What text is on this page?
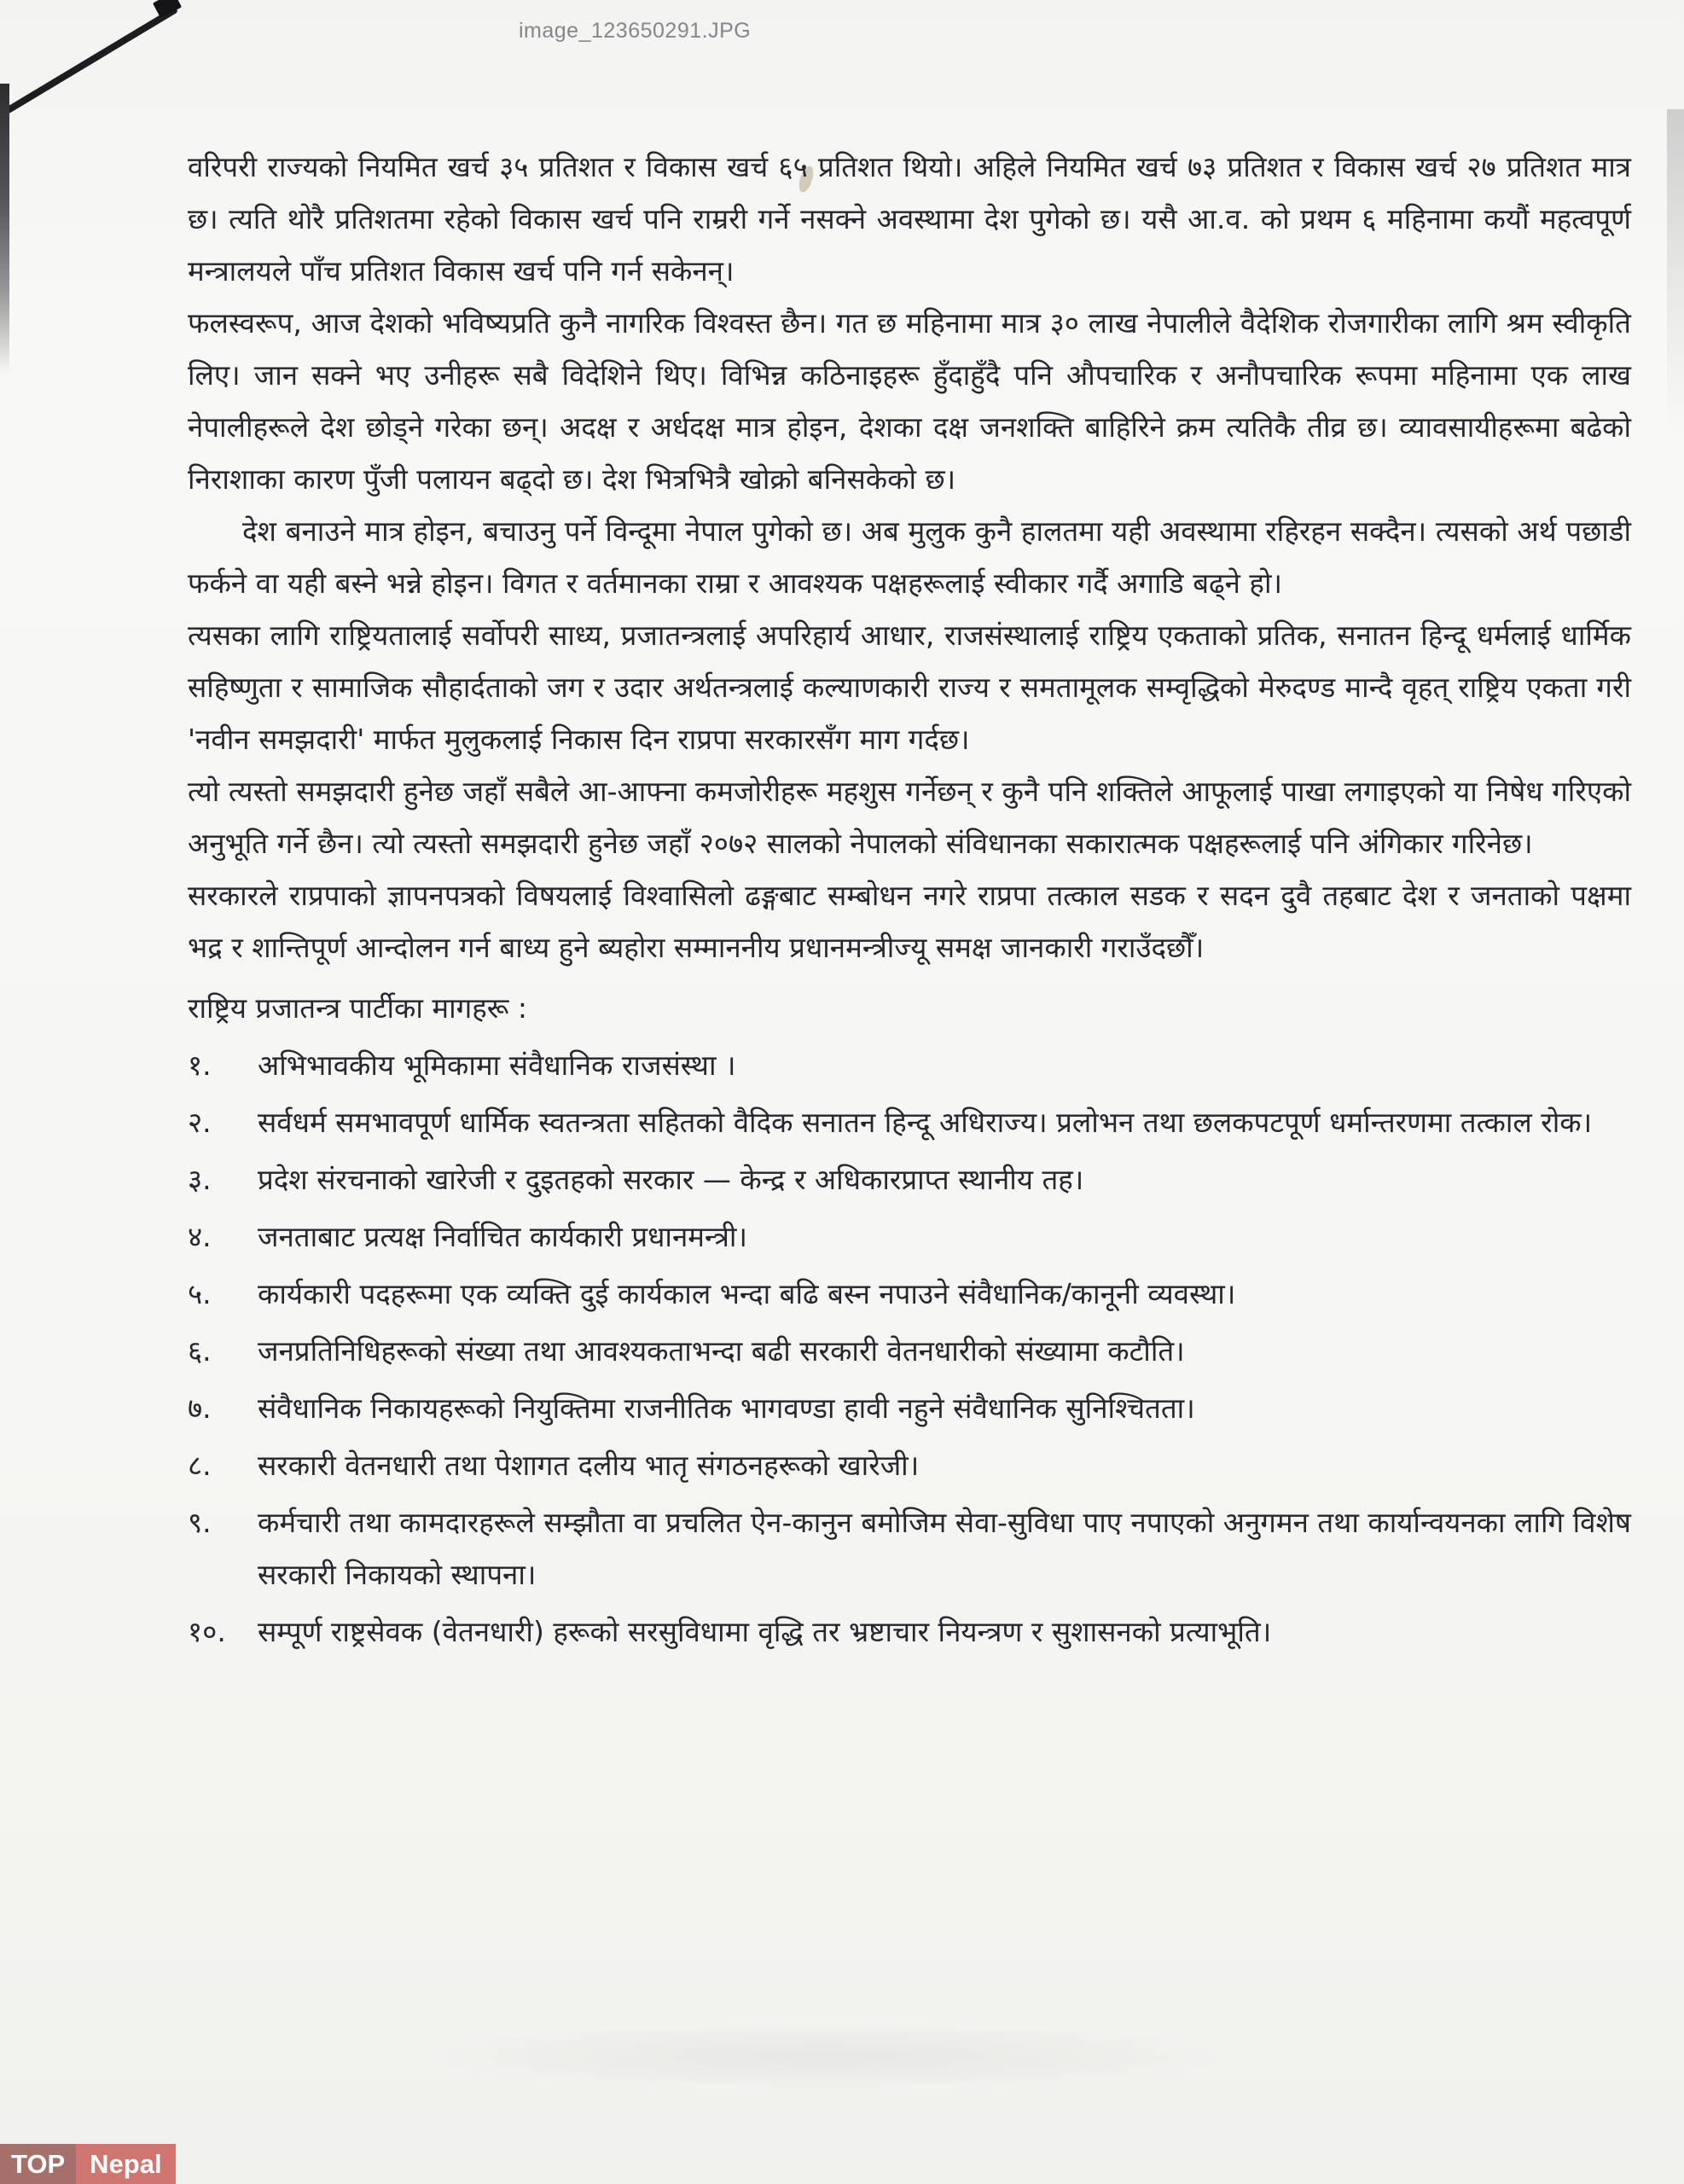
image_123650291.JPG

वरिपरी राज्यको नियमित खर्च ३५ प्रतिशत र विकास खर्च ६५ प्रतिशत थियो। अहिले नियमित खर्च ७३ प्रतिशत र विकास खर्च २७ प्रतिशत मात्र छ। त्यति थोरै प्रतिशतमा रहेको विकास खर्च पनि राम्ररी गर्ने नसक्ने अवस्थामा देश पुगेको छ। यसै आ.व. को प्रथम ६ महिनामा कयौं महत्वपूर्ण मन्त्रालयले पाँच प्रतिशत विकास खर्च पनि गर्न सकेनन्।

फलस्वरूप, आज देशको भविष्यप्रति कुनै नागरिक विश्वस्त छैन। गत छ महिनामा मात्र ३० लाख नेपालीले वैदेशिक रोजगारीका लागि श्रम स्वीकृति लिए। जान सक्ने भए उनीहरू सबै विदेशिने थिए। विभिन्न कठिनाइहरू हुँदाहुँदै पनि औपचारिक र अनौपचारिक रूपमा महिनामा एक लाख नेपालीहरूले देश छोड्ने गरेका छन्। अदक्ष र अर्धदक्ष मात्र होइन, देशका दक्ष जनशक्ति बाहिरिने क्रम त्यतिकै तीव्र छ। व्यावसायीहरूमा बढेको निराशाका कारण पुँजी पलायन बढ्दो छ। देश भित्रभित्रै खोक्रो बनिसकेको छ।

देश बनाउने मात्र होइन, बचाउनु पर्ने विन्दूमा नेपाल पुगेको छ। अब मुलुक कुनै हालतमा यही अवस्थामा रहिरहन सक्दैन। त्यसको अर्थ पछाडी फर्कने वा यही बस्ने भन्ने होइन। विगत र वर्तमानका राम्रा र आवश्यक पक्षहरूलाई स्वीकार गर्दै अगाडि बढ्ने हो।

त्यसका लागि राष्ट्रियतालाई सर्वोपरी साध्य, प्रजातन्त्रलाई अपरिहार्य आधार, राजसंस्थालाई राष्ट्रिय एकताको प्रतिक, सनातन हिन्दू धर्मलाई धार्मिक सहिष्णुता र सामाजिक सौहार्दताको जग र उदार अर्थतन्त्रलाई कल्याणकारी राज्य र समतामूलक सम्वृद्धिको मेरुदण्ड मान्दै वृहत् राष्ट्रिय एकता गरी 'नवीन समझदारी' मार्फत मुलुकलाई निकास दिन राप्रपा सरकारसँग माग गर्दछ।

त्यो त्यस्तो समझदारी हुनेछ जहाँ सबैले आ-आफ्ना कमजोरीहरू महशुस गर्नेछन् र कुनै पनि शक्तिले आफूलाई पाखा लगाइएको या निषेध गरिएको अनुभूति गर्ने छैन। त्यो त्यस्तो समझदारी हुनेछ जहाँ २०७२ सालको नेपालको संविधानका सकारात्मक पक्षहरूलाई पनि अंगिकार गरिनेछ।

सरकारले राप्रपाको ज्ञापनपत्रको विषयलाई विश्वासिलो ढङ्गबाट सम्बोधन नगरे राप्रपा तत्काल सडक र सदन दुवै तहबाट देश र जनताको पक्षमा भद्र र शान्तिपूर्ण आन्दोलन गर्न बाध्य हुने ब्यहोरा सम्माननीय प्रधानमन्त्रीज्यू समक्ष जानकारी गराउँदछौँ।

राष्ट्रिय प्रजातन्त्र पार्टीका मागहरू :

१.	अभिभावकीय भूमिकामा संवैधानिक राजसंस्था ।
२.	सर्वधर्म समभावपूर्ण धार्मिक स्वतन्त्रता सहितको वैदिक सनातन हिन्दू अधिराज्य। प्रलोभन तथा छलकपटपूर्ण धर्मान्तरणमा तत्काल रोक।
३.	प्रदेश संरचनाको खारेजी र दुइतहको सरकार — केन्द्र र अधिकारप्राप्त स्थानीय तह।
४.	जनताबाट प्रत्यक्ष निर्वाचित कार्यकारी प्रधानमन्त्री।
५.	कार्यकारी पदहरूमा एक व्यक्ति दुई कार्यकाल भन्दा बढि बस्न नपाउने संवैधानिक/कानूनी व्यवस्था।
६.	जनप्रतिनिधिहरूको संख्या तथा आवश्यकताभन्दा बढी सरकारी वेतनधारीको संख्यामा कटौति।
७.	संवैधानिक निकायहरूको नियुक्तिमा राजनीतिक भागवण्डा हावी नहुने संवैधानिक सुनिश्चितता।
८.	सरकारी वेतनधारी तथा पेशागत दलीय भातृ संगठनहरूको खारेजी।
९.	कर्मचारी तथा कामदारहरूले सम्झौता वा प्रचलित ऐन-कानुन बमोजिम सेवा-सुविधा पाए नपाएको अनुगमन तथा कार्यान्वयनका लागि विशेष सरकारी निकायको स्थापना।
१०.	सम्पूर्ण राष्ट्रसेवक (वेतनधारी) हरूको सरसुविधामा वृद्धि तर भ्रष्टाचार नियन्त्रण र सुशासनको प्रत्याभूति।
TOP Nepal
